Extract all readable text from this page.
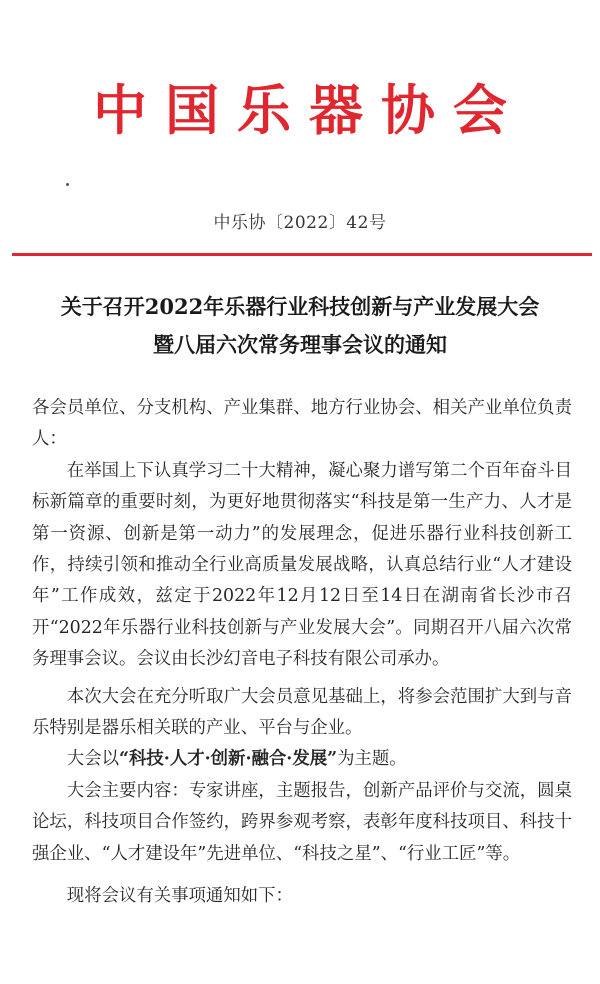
中国乐器协会
中乐协〔2022〕42号
关于召开2022年乐器行业科技创新与产业发展大会
暨八届六次常务理事会议的通知

各会员单位、分支机构、产业集群、地方行业协会、相关产业单位负责人：

在举国上下认真学习二十大精神，凝心聚力谱写第二个百年奋斗目标新篇章的重要时刻，为更好地贯彻落实“科技是第一生产力、人才是第一资源、创新是第一动力”的发展理念，促进乐器行业科技创新工作，持续引领和推动全行业高质量发展战略，认真总结行业“人才建设年”工作成效，兹定于2022年12月12日至14日在湖南省长沙市召开“2022年乐器行业科技创新与产业发展大会”。同期召开八届六次常务理事会议。会议由长沙幻音电子科技有限公司承办。

本次大会在充分听取广大会员意见基础上，将参会范围扩大到与音乐特别是器乐相关联的产业、平台与企业。

大会以“科技·人才·创新·融合·发展”为主题。

大会主要内容：专家讲座，主题报告，创新产品评价与交流，圆桌论坛，科技项目合作签约，跨界参观考察，表彰年度科技项目、科技十强企业、“人才建设年”先进单位、“科技之星”、“行业工匠”等。

现将会议有关事项通知如下：
